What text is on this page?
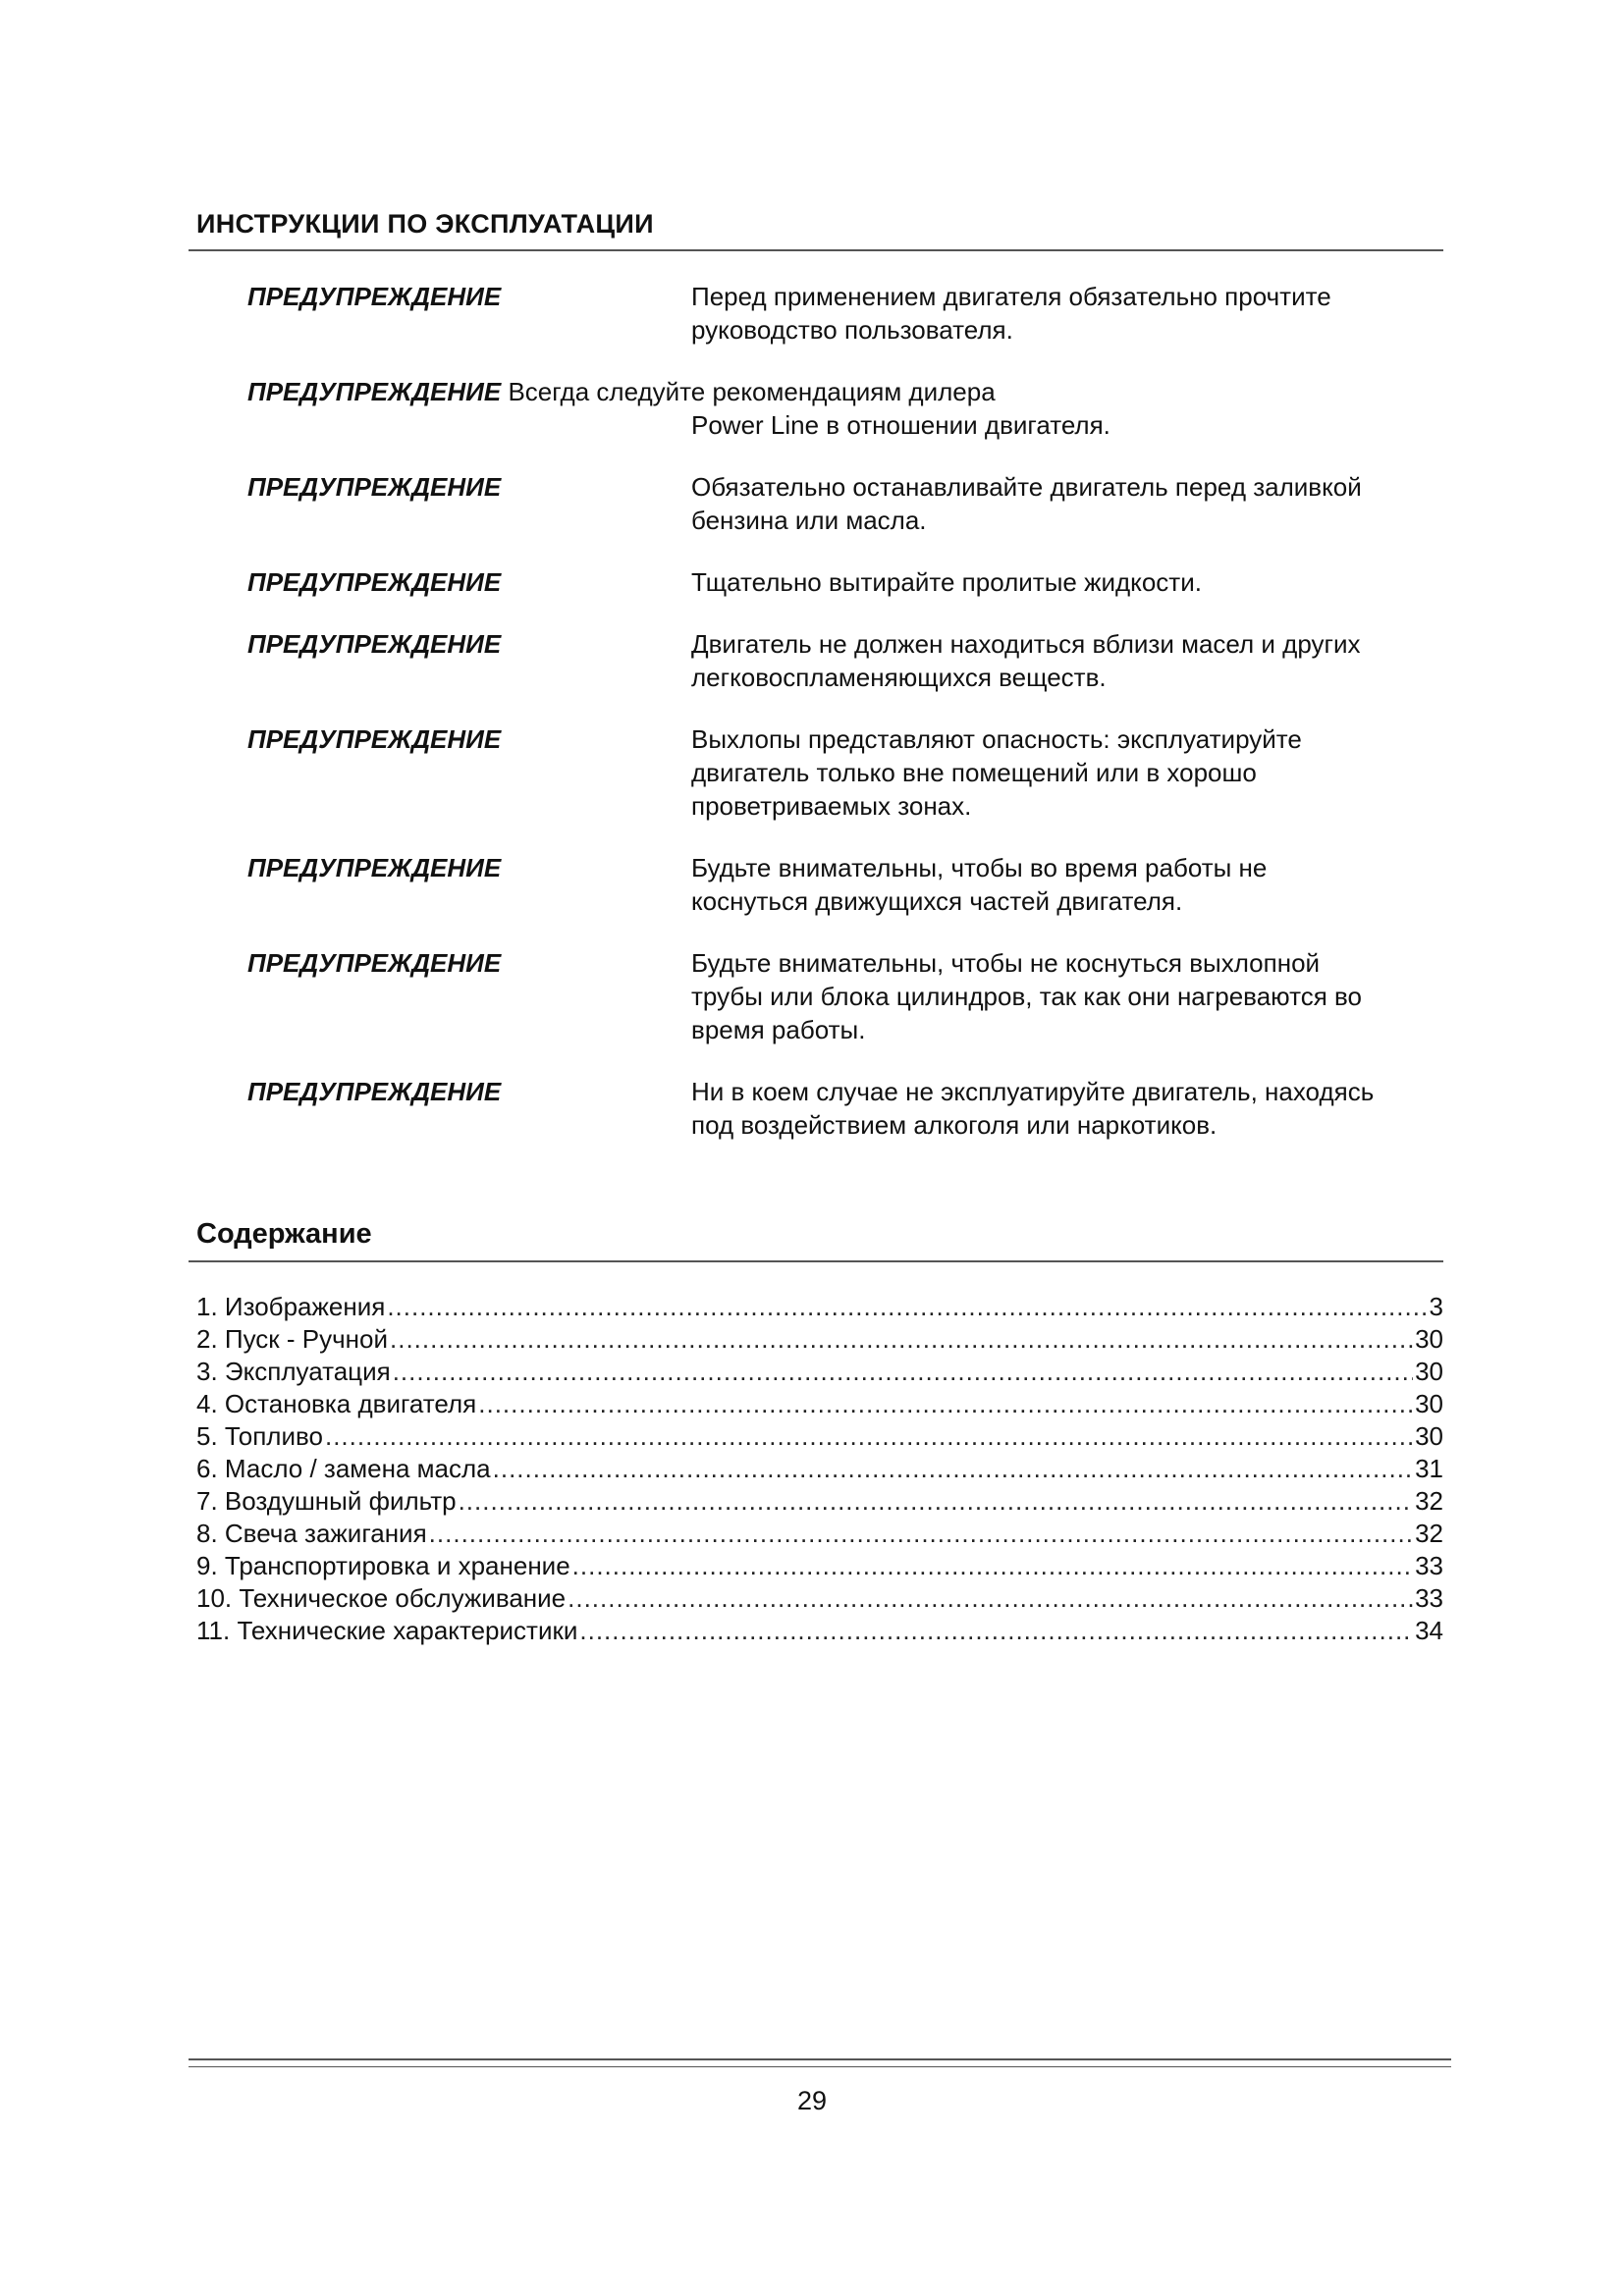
ИНСТРУКЦИИ ПО ЭКСПЛУАТАЦИИ
ПРЕДУПРЕЖДЕНИЕ	Перед применением двигателя обязательно прочтите
руководство пользователя.
ПРЕДУПРЕЖДЕНИЕ Всегда следуйте рекомендациям дилера
Power Line в отношении двигателя.
ПРЕДУПРЕЖДЕНИЕ	Обязательно останавливайте двигатель перед заливкой
бензина или масла.
ПРЕДУПРЕЖДЕНИЕ	Тщательно вытирайте пролитые жидкости.
ПРЕДУПРЕЖДЕНИЕ	Двигатель не должен находиться вблизи масел и других
легковоспламеняющихся веществ.
ПРЕДУПРЕЖДЕНИЕ	Выхлопы представляют опасность: эксплуатируйте
двигатель только вне помещений или в хорошо
проветриваемых зонах.
ПРЕДУПРЕЖДЕНИЕ	Будьте внимательны, чтобы во время работы не
коснуться движущихся частей двигателя.
ПРЕДУПРЕЖДЕНИЕ	Будьте внимательны, чтобы не коснуться выхлопной
трубы или блока цилиндров, так как они нагреваются во
время работы.
ПРЕДУПРЕЖДЕНИЕ	Ни в коем случае не эксплуатируйте двигатель, находясь
под воздействием алкоголя или наркотиков.
Содержание
1. Изображения .....	3
2. Пуск - Ручной .....	30
3. Эксплуатация .....	30
4. Остановка двигателя .....	30
5. Топливо .....	30
6. Масло / замена масла .....	31
7. Воздушный фильтр .....	32
8. Свеча зажигания .....	32
9. Транспортировка и хранение .....	33
10. Техническое обслуживание .....	33
11. Технические характеристики .....	34
29
